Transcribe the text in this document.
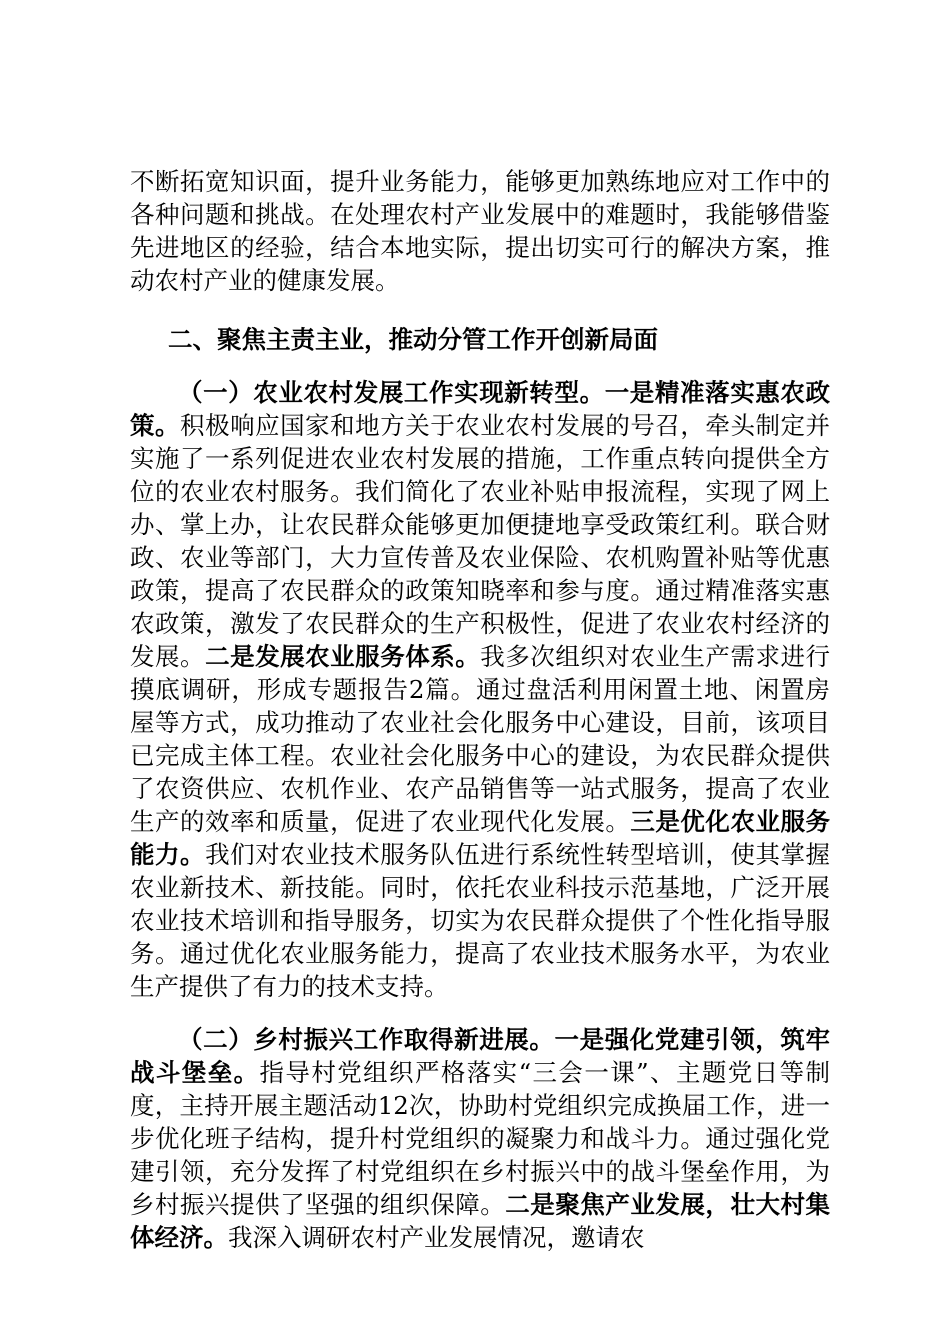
不断拓宽知识面，提升业务能力，能够更加熟练地应对工作中的各种问题和挑战。在处理农村产业发展中的难题时，我能够借鉴先进地区的经验，结合本地实际，提出切实可行的解决方案，推动农村产业的健康发展。

二、聚焦主责主业，推动分管工作开创新局面

（一）农业农村发展工作实现新转型。一是精准落实惠农政策。积极响应国家和地方关于农业农村发展的号召，牵头制定并实施了一系列促进农业农村发展的措施，工作重点转向提供全方位的农业农村服务。我们简化了农业补贴申报流程，实现了网上办、掌上办，让农民群众能够更加便捷地享受政策红利。联合财政、农业等部门，大力宣传普及农业保险、农机购置补贴等优惠政策，提高了农民群众的政策知晓率和参与度。通过精准落实惠农政策，激发了农民群众的生产积极性，促进了农业农村经济的发展。二是发展农业服务体系。我多次组织对农业生产需求进行摸底调研，形成专题报告2篇。通过盘活利用闲置土地、闲置房屋等方式，成功推动了农业社会化服务中心建设，目前，该项目已完成主体工程。农业社会化服务中心的建设，为农民群众提供了农资供应、农机作业、农产品销售等一站式服务，提高了农业生产的效率和质量，促进了农业现代化发展。三是优化农业服务能力。我们对农业技术服务队伍进行系统性转型培训，使其掌握农业新技术、新技能。同时，依托农业科技示范基地，广泛开展农业技术培训和指导服务，切实为农民群众提供了个性化指导服务。通过优化农业服务能力，提高了农业技术服务水平，为农业生产提供了有力的技术支持。

（二）乡村振兴工作取得新进展。一是强化党建引领，筑牢战斗堡垒。指导村党组织严格落实“三会一课”、主题党日等制度，主持开展主题活动12次，协助村党组织完成换届工作，进一步优化班子结构，提升村党组织的凝聚力和战斗力。通过强化党建引领，充分发挥了村党组织在乡村振兴中的战斗堡垒作用，为乡村振兴提供了坚强的组织保障。二是聚焦产业发展，壮大村集体经济。我深入调研农村产业发展情况，邀请农
